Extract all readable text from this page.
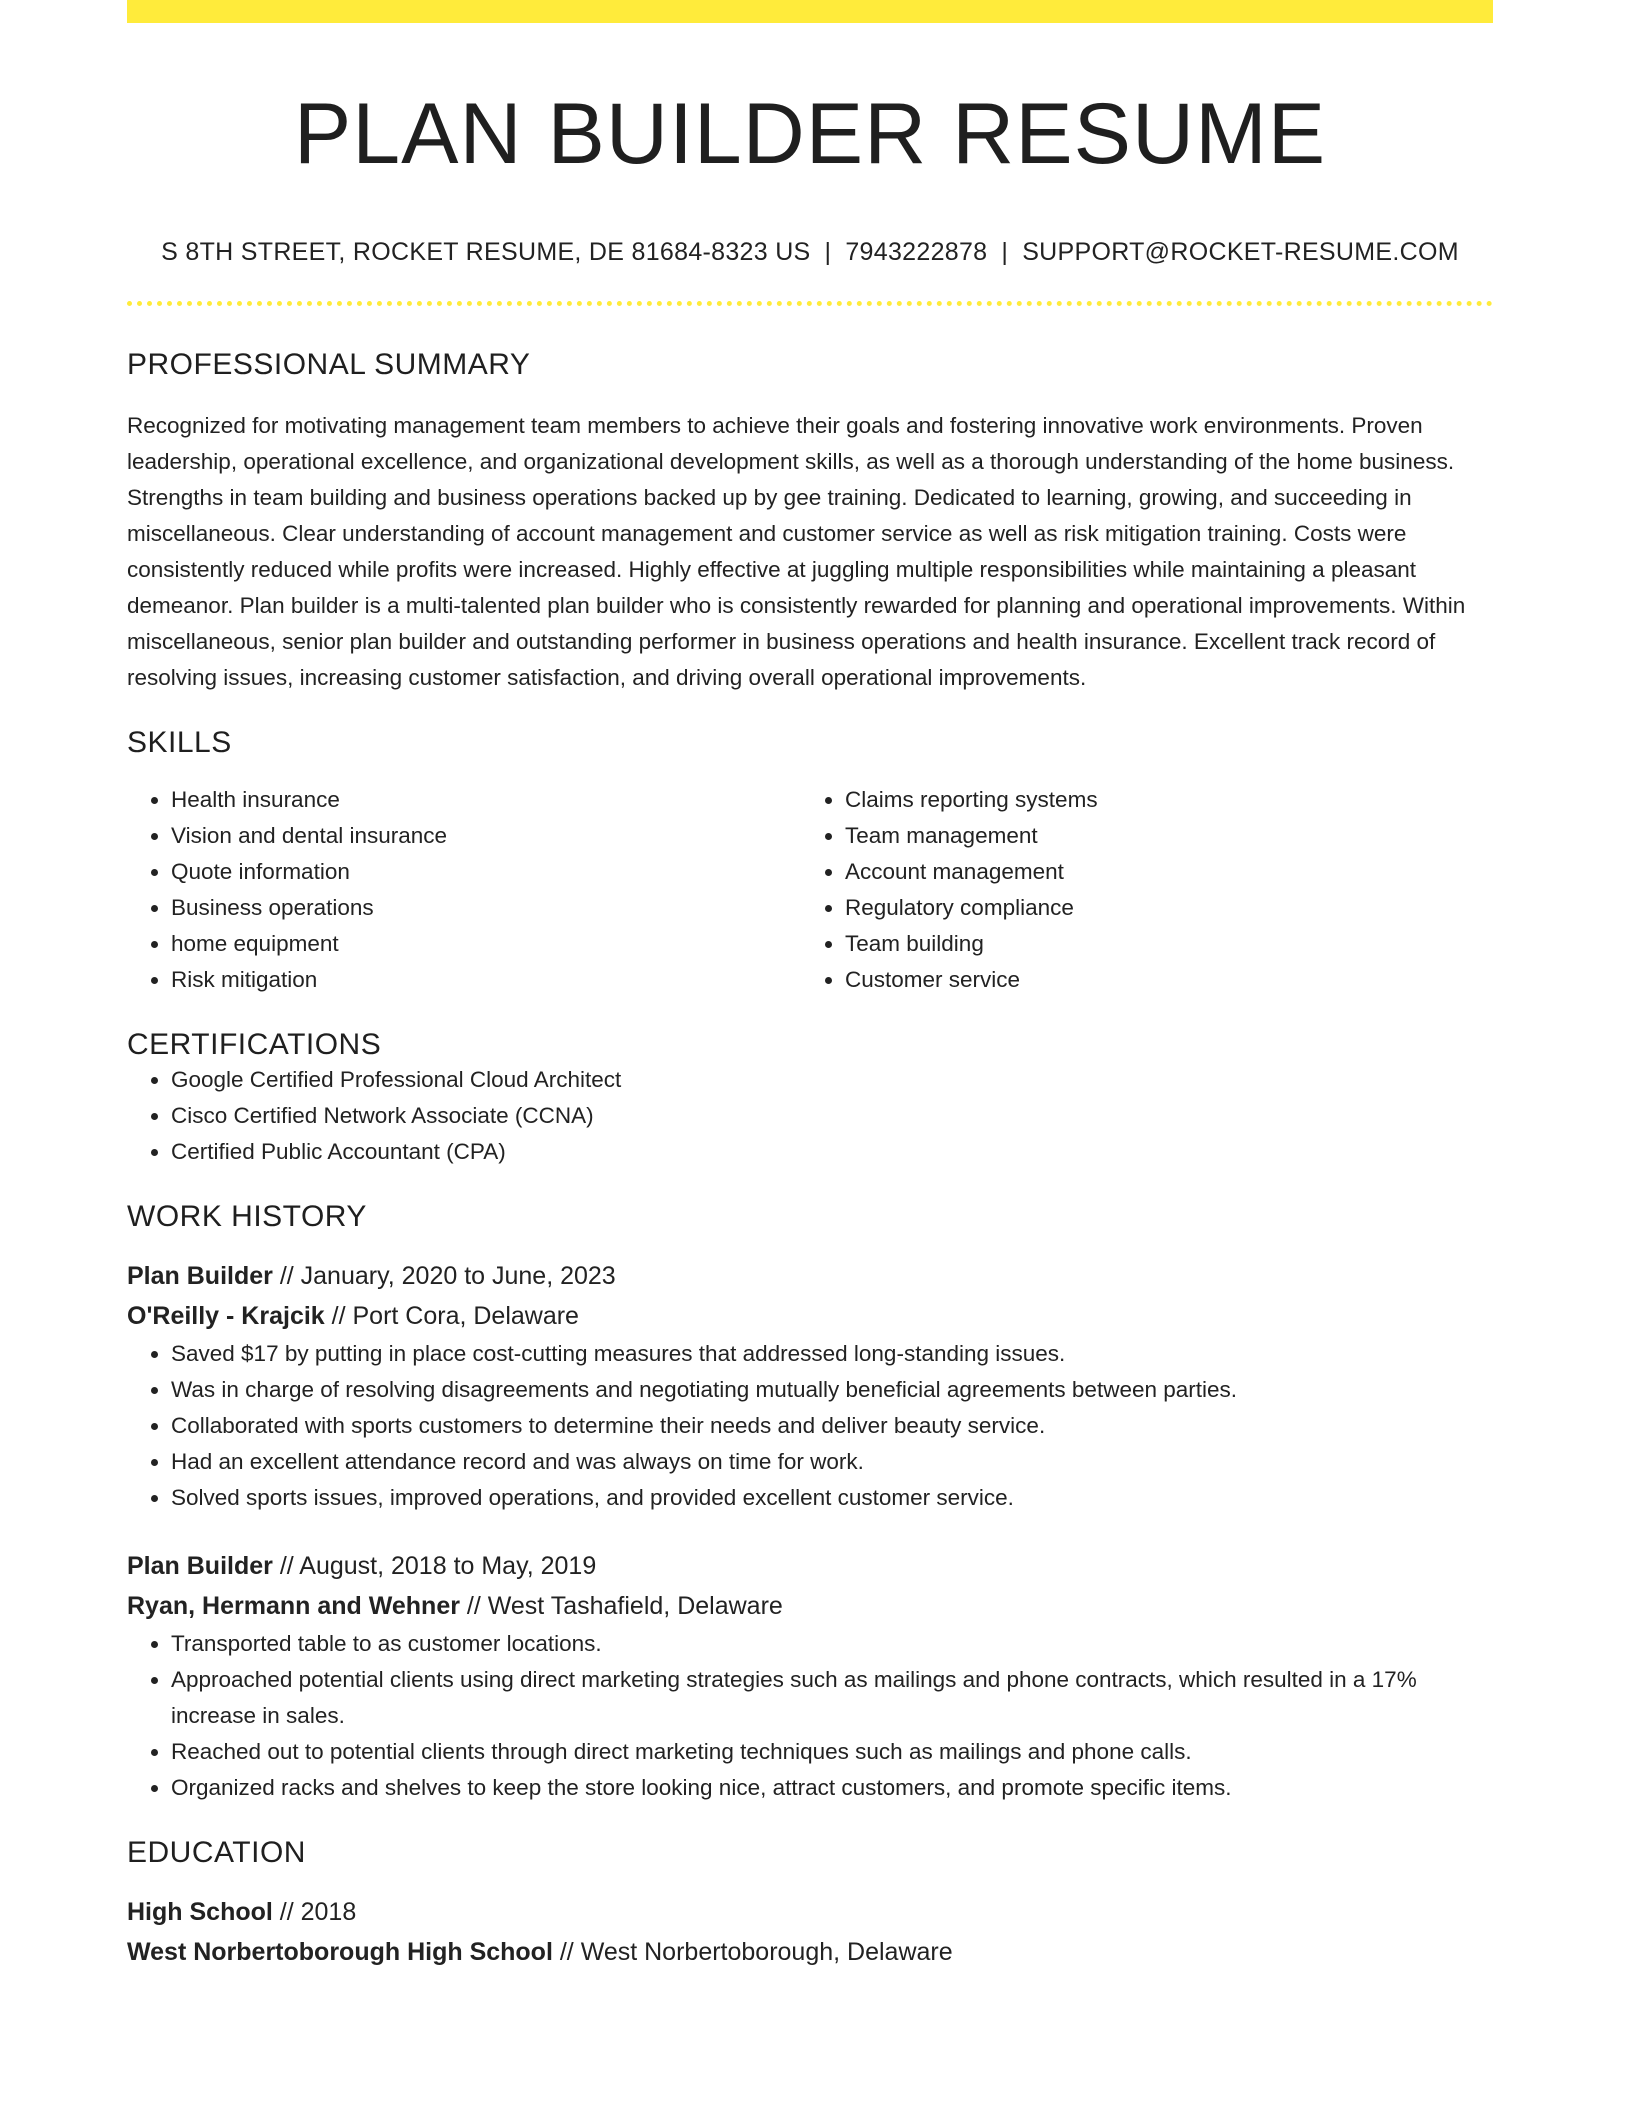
PLAN BUILDER RESUME
S 8TH STREET, ROCKET RESUME, DE 81684-8323 US | 7943222878 | SUPPORT@ROCKET-RESUME.COM
PROFESSIONAL SUMMARY
Recognized for motivating management team members to achieve their goals and fostering innovative work environments. Proven leadership, operational excellence, and organizational development skills, as well as a thorough understanding of the home business. Strengths in team building and business operations backed up by gee training. Dedicated to learning, growing, and succeeding in miscellaneous. Clear understanding of account management and customer service as well as risk mitigation training. Costs were consistently reduced while profits were increased. Highly effective at juggling multiple responsibilities while maintaining a pleasant demeanor. Plan builder is a multi-talented plan builder who is consistently rewarded for planning and operational improvements. Within miscellaneous, senior plan builder and outstanding performer in business operations and health insurance. Excellent track record of resolving issues, increasing customer satisfaction, and driving overall operational improvements.
SKILLS
• Health insurance
• Vision and dental insurance
• Quote information
• Business operations
• home equipment
• Risk mitigation
• Claims reporting systems
• Team management
• Account management
• Regulatory compliance
• Team building
• Customer service
CERTIFICATIONS
• Google Certified Professional Cloud Architect
• Cisco Certified Network Associate (CCNA)
• Certified Public Accountant (CPA)
WORK HISTORY
Plan Builder // January, 2020 to June, 2023
O'Reilly - Krajcik // Port Cora, Delaware
• Saved $17 by putting in place cost-cutting measures that addressed long-standing issues.
• Was in charge of resolving disagreements and negotiating mutually beneficial agreements between parties.
• Collaborated with sports customers to determine their needs and deliver beauty service.
• Had an excellent attendance record and was always on time for work.
• Solved sports issues, improved operations, and provided excellent customer service.
Plan Builder // August, 2018 to May, 2019
Ryan, Hermann and Wehner // West Tashafield, Delaware
• Transported table to as customer locations.
• Approached potential clients using direct marketing strategies such as mailings and phone contracts, which resulted in a 17% increase in sales.
• Reached out to potential clients through direct marketing techniques such as mailings and phone calls.
• Organized racks and shelves to keep the store looking nice, attract customers, and promote specific items.
EDUCATION
High School // 2018
West Norbertoborough High School // West Norbertoborough, Delaware
